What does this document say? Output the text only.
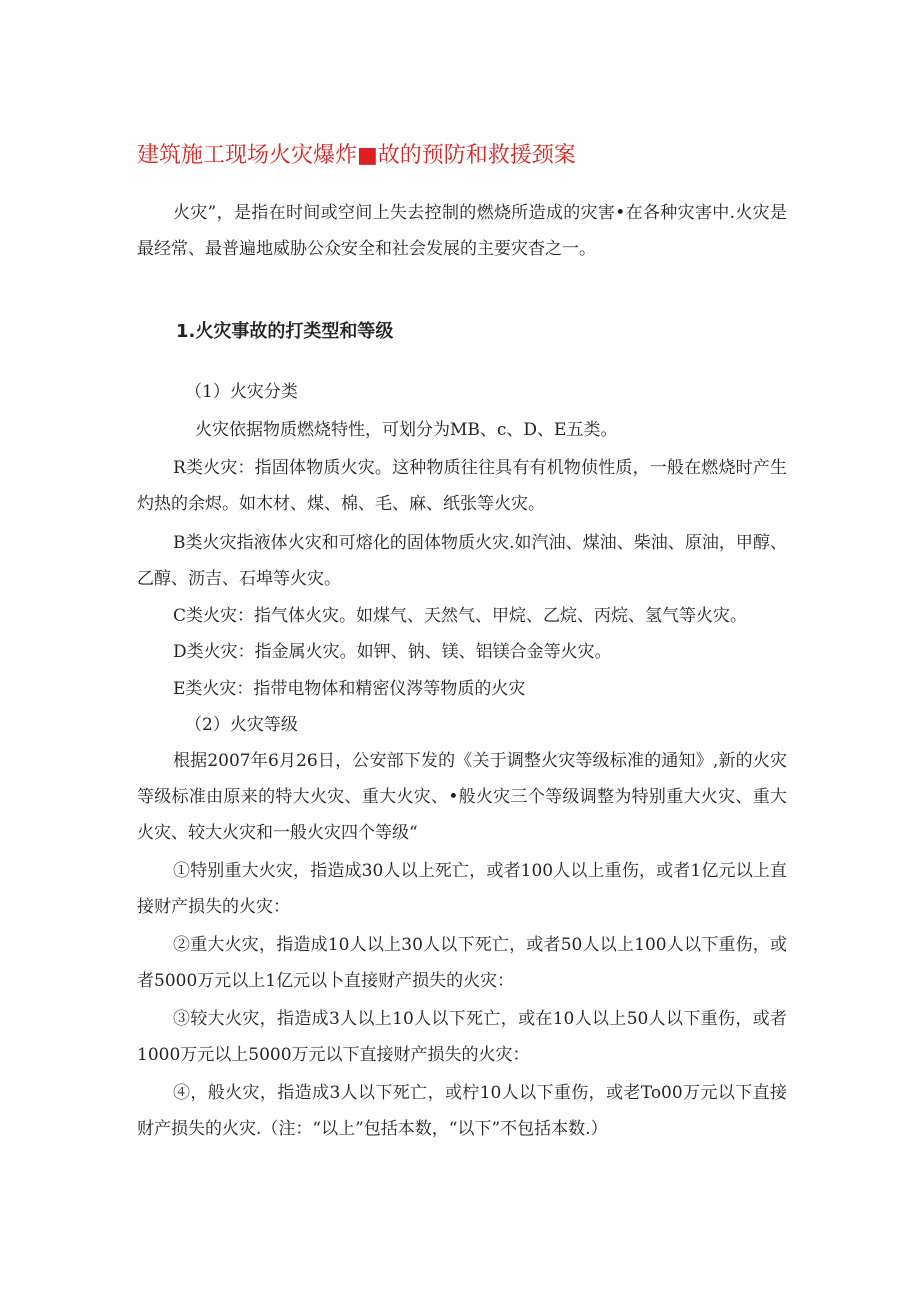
建筑施工现场火灾爆炸■故的预防和救援颈案
火灾”，是指在时间或空间上失去控制的燃烧所造成的灾害•在各种灾害中.火灾是最经常、最普遍地威胁公众安全和社会发展的主要灾杳之一。
1.火灾事故的打类型和等级
（1）火灾分类
火灾依据物质燃烧特性，可划分为MB、c、D、E五类。
R类火灾：指固体物质火灾。这种物质往往具有有机物侦性质，一般在燃烧时产生灼热的余烬。如木材、煤、棉、毛、麻、纸张等火灾。
B类火灾指液体火灾和可熔化的固体物质火灾.如汽油、煤油、柴油、原油，甲醇、乙醇、沥吉、石埠等火灾。
C类火灾：指气体火灾。如煤气、天然气、甲烷、乙烷、丙烷、氢气等火灾。
D类火灾：指金属火灾。如钾、钠、镁、铝镁合金等火灾。
E类火灾：指带电物体和精密仪涔等物质的火灾
（2）火灾等级
根据2007年6月26日，公安部下发的《关于调整火灾等级标准的通知》,新的火灾等级标准由原来的特大火灾、重大火灾、•般火灾三个等级调整为特别重大火灾、重大火灾、较大火灾和一般火灾四个等级“
①特别重大火灾，指造成30人以上死亡，或者100人以上重伤，或者1亿元以上直接财产损失的火灾：
②重大火灾，指造成10人以上30人以下死亡，或者50人以上100人以下重伤，或者5000万元以上1亿元以卜直接财产损失的火灾：
③较大火灾，指造成3人以上10人以下死亡，或在10人以上50人以下重伤，或者1000万元以上5000万元以下直接财产损失的火灾：
④，般火灾，指造成3人以下死亡，或柠10人以下重伤，或老To00万元以下直接财产损失的火灾.（注：“以上”包括本数，“以下”不包括本数.）
